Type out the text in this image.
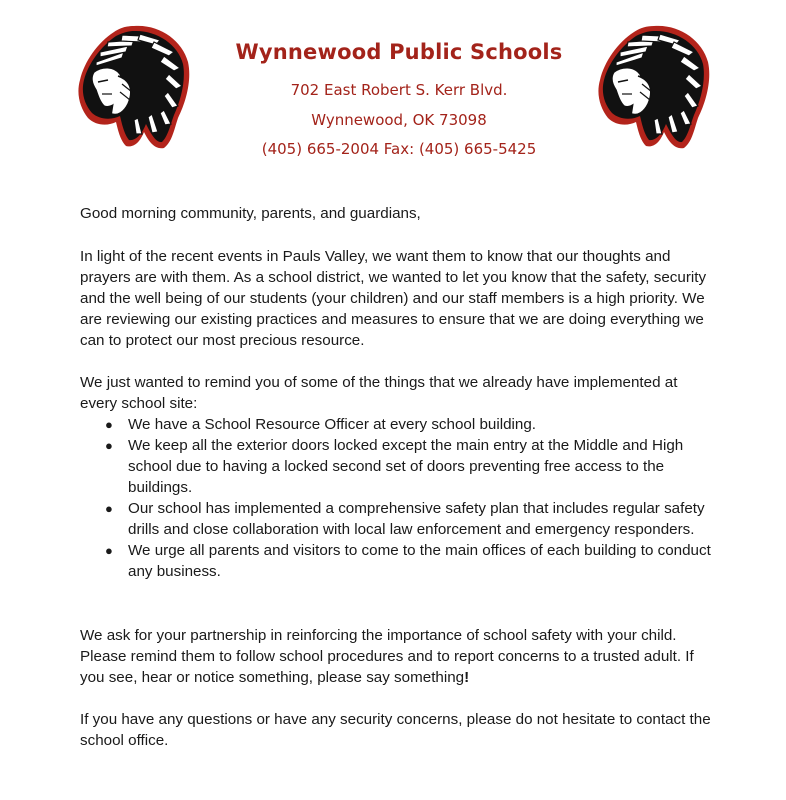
Wynnewood Public Schools
702 East Robert S. Kerr Blvd.
Wynnewood, OK 73098
(405) 665-2004 Fax: (405) 665-5425

Good morning community, parents, and guardians,

In light of the recent events in Pauls Valley, we want them to know that our thoughts and prayers are with them. As a school district, we wanted to let you know that the safety, security and the well being of our students (your children) and our staff members is a high priority. We are reviewing our existing practices and measures to ensure that we are doing everything we can to protect our most precious resource.

We just wanted to remind you of some of the things that we already have implemented at every school site:

● We have a School Resource Officer at every school building.
● We keep all the exterior doors locked except the main entry at the Middle and High school due to having a locked second set of doors preventing free access to the buildings.
● Our school has implemented a comprehensive safety plan that includes regular safety drills and close collaboration with local law enforcement and emergency responders.
● We urge all parents and visitors to come to the main offices of each building to conduct any business.

We ask for your partnership in reinforcing the importance of school safety with your child. Please remind them to follow school procedures and to report concerns to a trusted adult. If you see, hear or notice something, please say something!

If you have any questions or have any security concerns, please do not hesitate to contact the school office.
